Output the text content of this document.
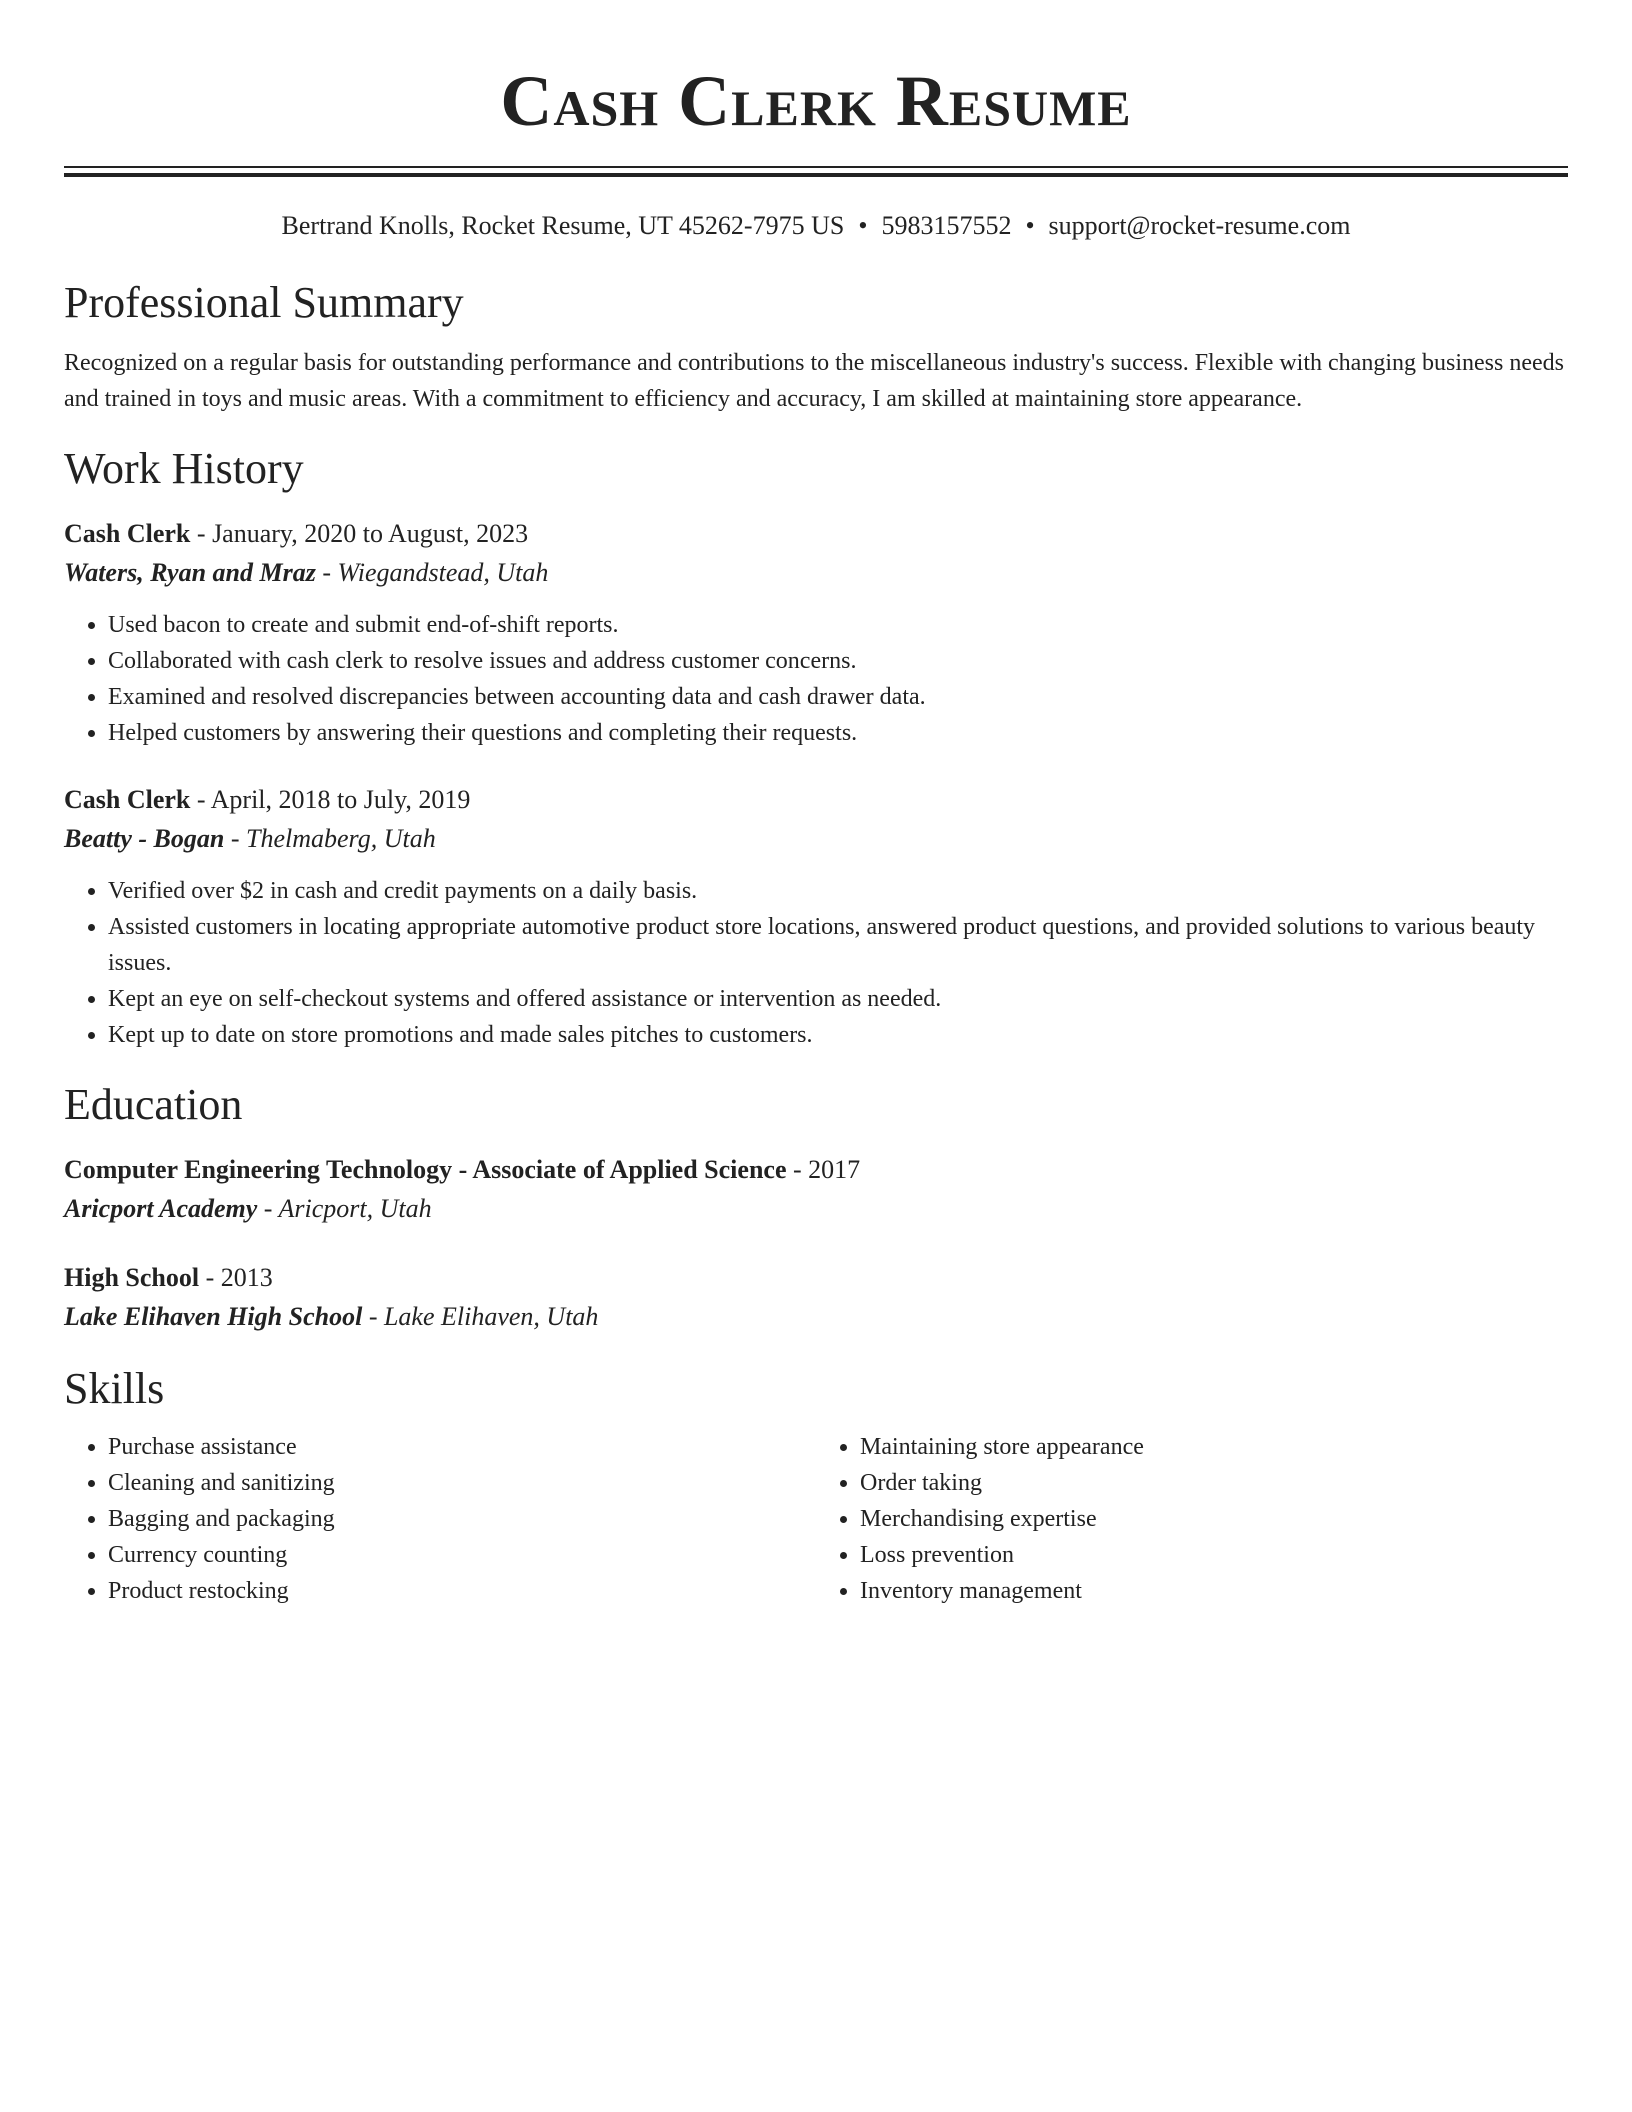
Cash Clerk Resume
Bertrand Knolls, Rocket Resume, UT 45262-7975 US • 5983157552 • support@rocket-resume.com
Professional Summary

Recognized on a regular basis for outstanding performance and contributions to the miscellaneous industry's success. Flexible with changing business needs and trained in toys and music areas. With a commitment to efficiency and accuracy, I am skilled at maintaining store appearance.

Work History
Cash Clerk - January, 2020 to August, 2023
Waters, Ryan and Mraz - Wiegandstead, Utah
• Used bacon to create and submit end-of-shift reports.
• Collaborated with cash clerk to resolve issues and address customer concerns.
• Examined and resolved discrepancies between accounting data and cash drawer data.
• Helped customers by answering their questions and completing their requests.
Cash Clerk - April, 2018 to July, 2019
Beatty - Bogan - Thelmaberg, Utah
• Verified over $2 in cash and credit payments on a daily basis.
• Assisted customers in locating appropriate automotive product store locations, answered product questions, and provided solutions to various beauty issues.
• Kept an eye on self-checkout systems and offered assistance or intervention as needed.
• Kept up to date on store promotions and made sales pitches to customers.
Education
Computer Engineering Technology - Associate of Applied Science - 2017
Aricport Academy - Aricport, Utah
High School - 2013
Lake Elihaven High School - Lake Elihaven, Utah
Skills
• Purchase assistance
• Cleaning and sanitizing
• Bagging and packaging
• Currency counting
• Product restocking
• Maintaining store appearance
• Order taking
• Merchandising expertise
• Loss prevention
• Inventory management
